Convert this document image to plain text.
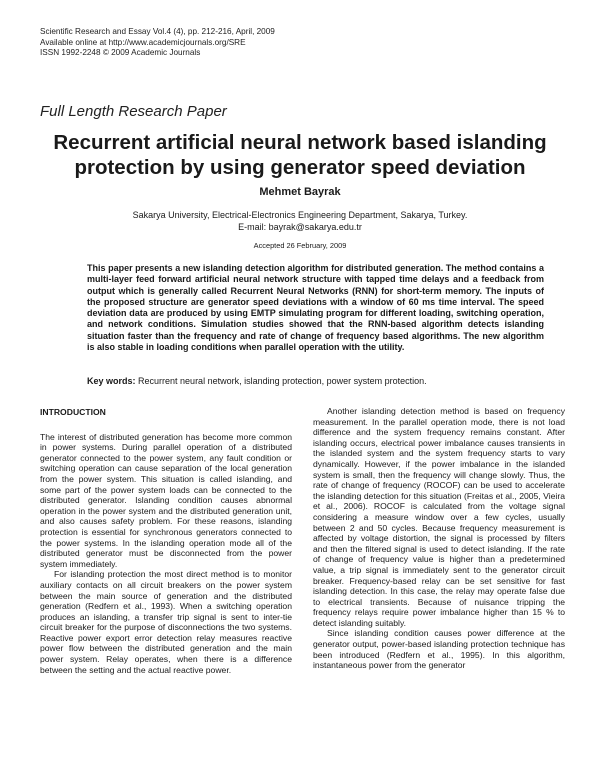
Scientific Research and Essay Vol.4 (4), pp. 212-216, April, 2009
Available online at http://www.academicjournals.org/SRE
ISSN 1992-2248 © 2009 Academic Journals
Full Length Research Paper
Recurrent artificial neural network based islanding protection by using generator speed deviation
Mehmet Bayrak
Sakarya University, Electrical-Electronics Engineering Department, Sakarya, Turkey.
E-mail: bayrak@sakarya.edu.tr
Accepted 26 February, 2009
This paper presents a new islanding detection algorithm for distributed generation. The method contains a multi-layer feed forward artificial neural network structure with tapped time delays and a feedback from output which is generally called Recurrent Neural Networks (RNN) for short-term memory. The inputs of the proposed structure are generator speed deviations with a window of 60 ms time interval. The speed deviation data are produced by using EMTP simulating program for different loading, switching operation, and network conditions. Simulation studies showed that the RNN-based algorithm detects islanding situation faster than the frequency and rate of change of frequency based algorithms. The new algorithm is also stable in loading conditions when parallel operation with the utility.
Key words: Recurrent neural network, islanding protection, power system protection.
INTRODUCTION

The interest of distributed generation has become more common in power systems. During parallel operation of a distributed generator connected to the power system, any fault condition or switching operation can cause separation of the local generation from the power system. This situation is called islanding, and some part of the power system loads can be connected to the distributed generator. Islanding condition causes abnormal operation in the power system and the distributed generation unit, and also causes safety problem. For these reasons, islanding protection is essential for synchronous generators connected to the power systems. In the islanding operation mode all of the distributed generator must be disconnected from the power system immediately.

For islanding protection the most direct method is to monitor auxiliary contacts on all circuit breakers on the power system between the main source of generation and the distributed generation (Redfern et al., 1993). When a switching operation produces an islanding, a transfer trip signal is sent to inter-tie circuit breaker for the purpose of disconnections the two systems. Reactive power export error detection relay measures reactive power flow between the distributed generation and the main power system. Relay operates, when there is a difference between the setting and the actual reactive power.

Another islanding detection method is based on frequency measurement. In the parallel operation mode, there is not load difference and the system frequency remains constant. After islanding occurs, electrical power imbalance causes transients in the islanded system and the system frequency starts to vary dynamically. However, if the power imbalance in the islanded system is small, then the frequency will change slowly. Thus, the rate of change of frequency (ROCOF) can be used to accelerate the islanding detection for this situation (Freitas et al., 2005, Vieira et al., 2006). ROCOF is calculated from the voltage signal considering a measure window over a few cycles, usually between 2 and 50 cycles. Because frequency measurement is affected by voltage distortion, the signal is processed by filters and then the filtered signal is used to detect islanding. If the rate of change of frequency value is higher than a predetermined value, a trip signal is immediately sent to the generator circuit breaker. Frequency-based relay can be set sensitive for fast islanding detection. In this case, the relay may operate false due to electrical transients. Because of nuisance tripping the frequency relays require power imbalance higher than 15 % to detect islanding suitably.

Since islanding condition causes power difference at the generator output, power-based islanding protection technique has been introduced (Redfern et al., 1995). In this algorithm, instantaneous power from the generator
